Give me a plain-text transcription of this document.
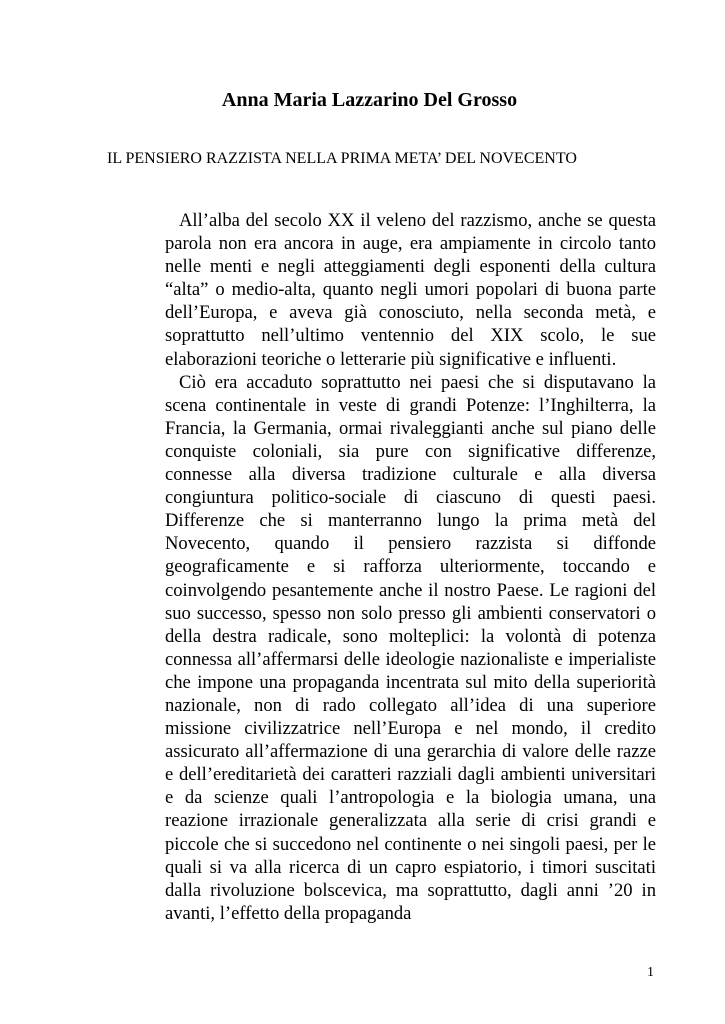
Anna Maria Lazzarino Del Grosso
IL PENSIERO RAZZISTA NELLA PRIMA META’ DEL NOVECENTO

All’alba del secolo XX il veleno del razzismo, anche se questa parola non era ancora in auge, era ampiamente in circolo tanto nelle menti e negli atteggiamenti degli esponenti della cultura “alta” o medio-alta, quanto negli umori popolari di buona parte dell’Europa, e aveva già conosciuto, nella seconda metà, e soprattutto nell’ultimo ventennio del XIX scolo, le sue elaborazioni teoriche o letterarie più significative e influenti.

Ciò era accaduto soprattutto nei paesi che si disputavano la scena continentale in veste di grandi Potenze: l’Inghilterra, la Francia, la Germania, ormai rivaleggianti anche sul piano delle conquiste coloniali, sia pure con significative differenze, connesse alla diversa tradizione culturale e alla diversa congiuntura politico-sociale di ciascuno di questi paesi. Differenze che si manterranno lungo la prima metà del Novecento, quando il pensiero razzista si diffonde geograficamente e si rafforza ulteriormente, toccando e coinvolgendo pesantemente anche il nostro Paese. Le ragioni del suo successo, spesso non solo presso gli ambienti conservatori o della destra radicale, sono molteplici: la volontà di potenza connessa all’affermarsi delle ideologie nazionaliste e imperialiste che impone una propaganda incentrata sul mito della superiorità nazionale, non di rado collegato all’idea di una superiore missione civilizzatrice nell’Europa e nel mondo, il credito assicurato all’affermazione di una gerarchia di valore delle razze e dell’ereditarietà dei caratteri razziali dagli ambienti universitari e da scienze quali l’antropologia e la biologia umana, una reazione irrazionale generalizzata alla serie di crisi grandi e piccole che si succedono nel continente o nei singoli paesi, per le quali si va alla ricerca di un capro espiatorio, i timori suscitati dalla rivoluzione bolscevica, ma soprattutto, dagli anni ’20 in avanti, l’effetto della propaganda

1
